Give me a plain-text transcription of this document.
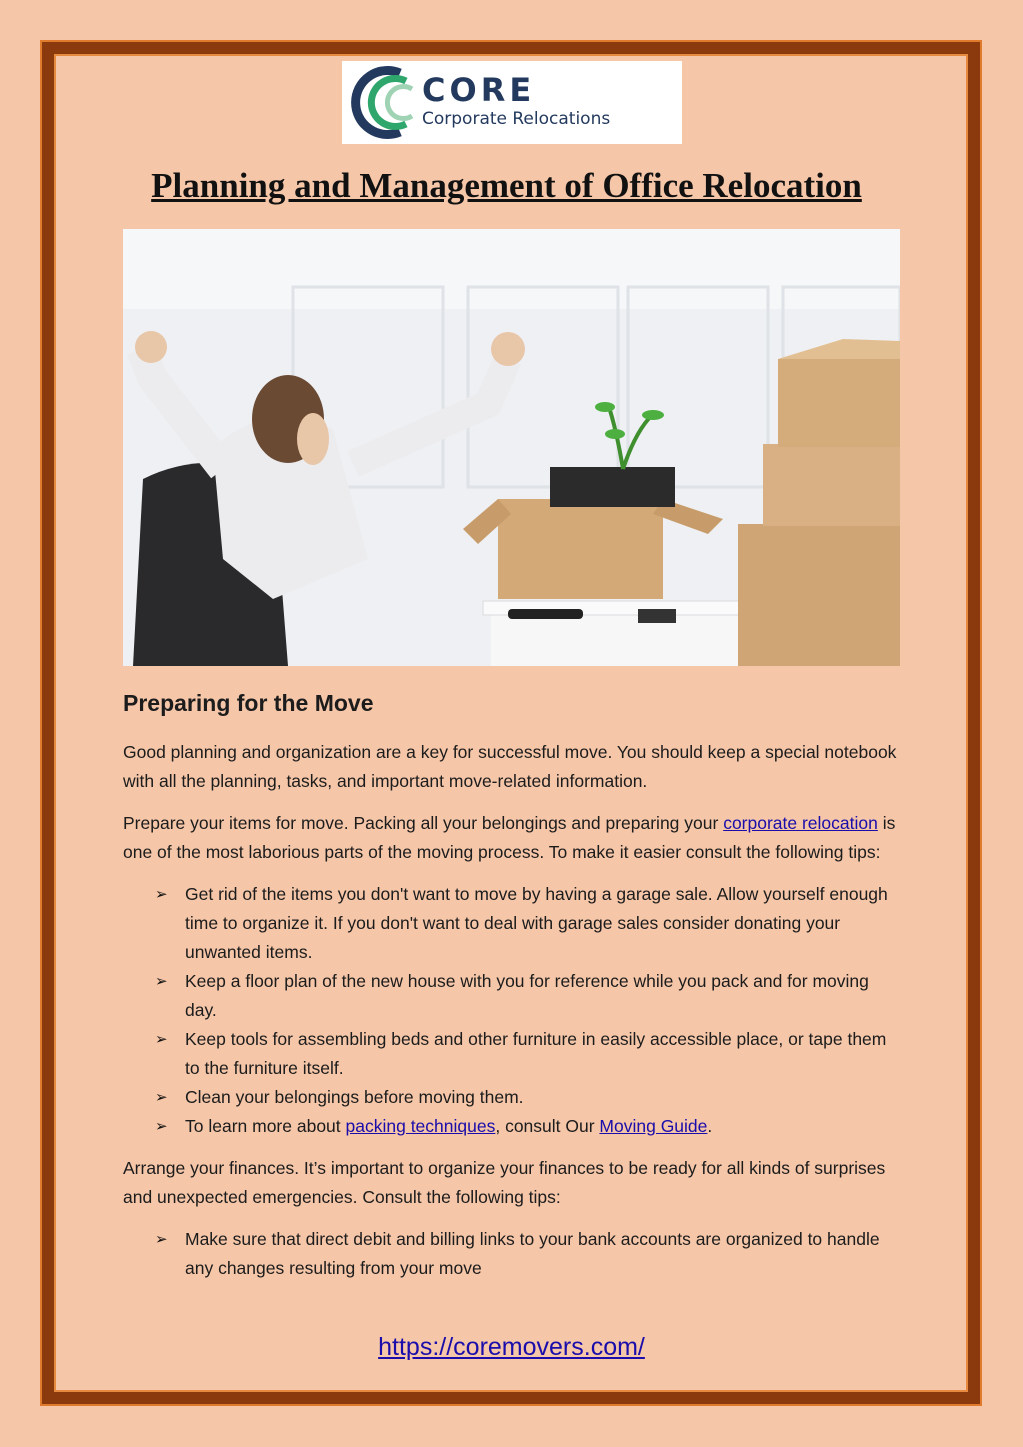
CORE
Corporate Relocations
Planning and Management of Office Relocation
Preparing for the Move

Good planning and organization are a key for successful move. You should keep a special notebook with all the planning, tasks, and important move-related information.

Prepare your items for move. Packing all your belongings and preparing your corporate relocation is one of the most laborious parts of the moving process. To make it easier consult the following tips:

➢ Get rid of the items you don't want to move by having a garage sale. Allow yourself enough time to organize it. If you don't want to deal with garage sales consider donating your unwanted items.
➢ Keep a floor plan of the new house with you for reference while you pack and for moving day.
➢ Keep tools for assembling beds and other furniture in easily accessible place, or tape them to the furniture itself.
➢ Clean your belongings before moving them.
➢ To learn more about packing techniques, consult Our Moving Guide.

Arrange your finances. It’s important to organize your finances to be ready for all kinds of surprises and unexpected emergencies. Consult the following tips:

➢ Make sure that direct debit and billing links to your bank accounts are organized to handle any changes resulting from your move
https://coremovers.com/
